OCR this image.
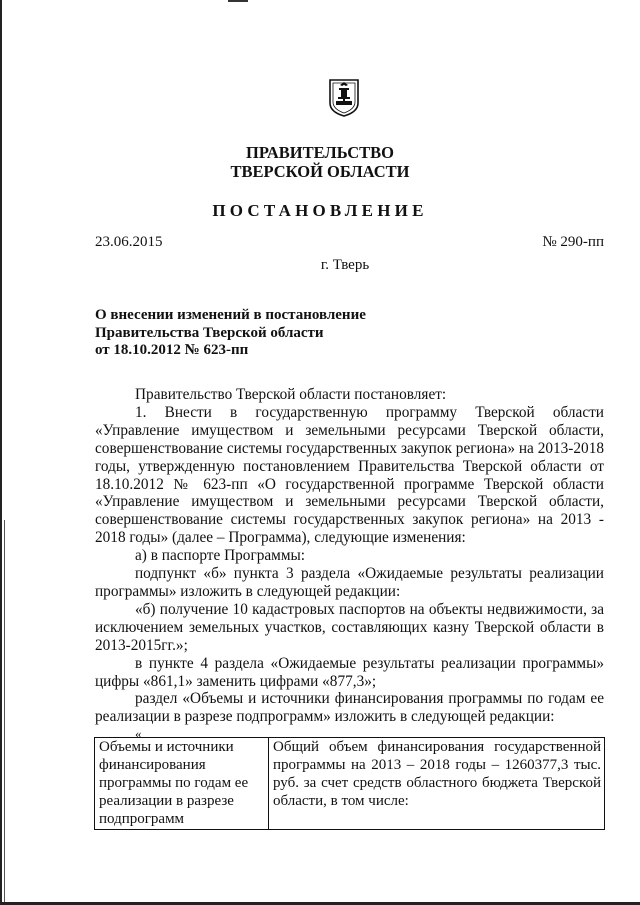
ПРАВИТЕЛЬСТВО
ТВЕРСКОЙ ОБЛАСТИ
ПОСТАНОВЛЕНИЕ
23.06.2015	№ 290-пп
г. Тверь
О внесении изменений в постановление
Правительства Тверской области
от 18.10.2012 № 623-пп

Правительство Тверской области постановляет:

1. Внести в государственную программу Тверской области «Управление имуществом и земельными ресурсами Тверской области, совершенствование системы государственных закупок региона» на 2013-2018 годы, утвержденную постановлением Правительства Тверской области от 18.10.2012 № 623-пп «О государственной программе Тверской области «Управление имуществом и земельными ресурсами Тверской области, совершенствование системы государственных закупок региона» на 2013 - 2018 годы» (далее – Программа), следующие изменения:

а) в паспорте Программы:

подпункт «б» пункта 3 раздела «Ожидаемые результаты реализации программы» изложить в следующей редакции:

«б) получение 10 кадастровых паспортов на объекты недвижимости, за исключением земельных участков, составляющих казну Тверской области в 2013-2015гг.»;

в пункте 4 раздела «Ожидаемые результаты реализации программы» цифры «861,1» заменить цифрами «877,3»;

раздел «Объемы и источники финансирования программы по годам ее реализации в разрезе подпрограмм» изложить в следующей редакции:

«
Объемы и источники финансирования программы по годам ее реализации в разрезе подпрограмм	Общий объем финансирования государственной программы на 2013 – 2018 годы – 1260377,3 тыс. руб. за счет средств областного бюджета Тверской области, в том числе:
